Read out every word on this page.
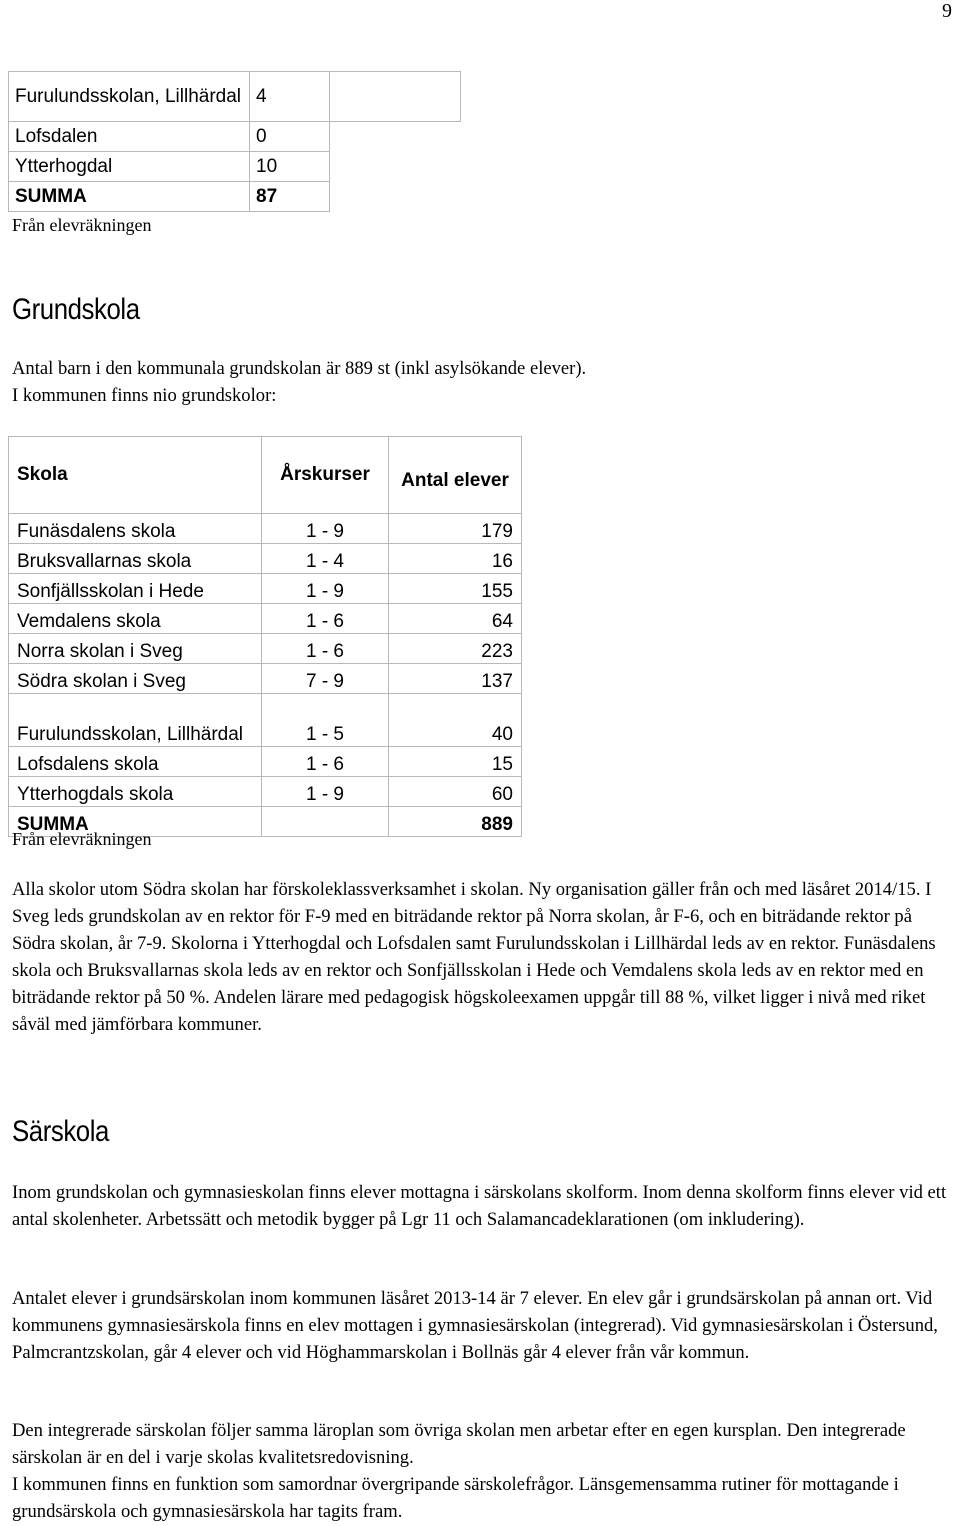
9
Furulundsskolan, Lillhärdal	4	
Lofsdalen	0	
Ytterhogdal	10	
SUMMA	87	
Från elevräkningen
Grundskola

Antal barn i den kommunala grundskolan är 889 st (inkl asylsökande elever).

I kommunen finns nio grundskolor:

Skola	Årskurser	Antal elever
Funäsdalens skola	1 - 9	179
Bruksvallarnas skola	1 - 4	16
Sonfjällsskolan i Hede	1 - 9	155
Vemdalens skola	1 - 6	64
Norra skolan i Sveg	1 - 6	223
Södra skolan i Sveg	7 - 9	137
Furulundsskolan, Lillhärdal	1 - 5	40
Lofsdalens skola	1 - 6	15
Ytterhogdals skola	1 - 9	60
SUMMA		889
Från elevräkningen

Alla skolor utom Södra skolan har förskoleklassverksamhet i skolan. Ny organisation gäller från och med läsåret 2014/15. I Sveg leds grundskolan av en rektor för F-9 med en biträdande rektor på Norra skolan, år F-6, och en biträdande rektor på Södra skolan, år 7-9. Skolorna i Ytterhogdal och Lofsdalen samt Furulundsskolan i Lillhärdal leds av en rektor. Funäsdalens skola och Bruksvallarnas skola leds av en rektor och Sonfjällsskolan i Hede och Vemdalens skola leds av en rektor med en biträdande rektor på 50 %. Andelen lärare med pedagogisk högskoleexamen uppgår till 88 %, vilket ligger i nivå med riket såväl med jämförbara kommuner.

Särskola

Inom grundskolan och gymnasieskolan finns elever mottagna i särskolans skolform. Inom denna skolform finns elever vid ett antal skolenheter. Arbetssätt och metodik bygger på Lgr 11 och Salamancadeklarationen (om inkludering).

Antalet elever i grundsärskolan inom kommunen läsåret 2013-14 är 7 elever. En elev går i grundsärskolan på annan ort. Vid kommunens gymnasiesärskola finns en elev mottagen i gymnasiesärskolan (integrerad). Vid gymnasiesärskolan i Östersund, Palmcrantzskolan, går 4 elever och vid Höghammarskolan i Bollnäs går 4 elever från vår kommun.

Den integrerade särskolan följer samma läroplan som övriga skolan men arbetar efter en egen kursplan. Den integrerade särskolan är en del i varje skolas kvalitetsredovisning.

I kommunen finns en funktion som samordnar övergripande särskolefrågor. Länsgemensamma rutiner för mottagande i grundsärskola och gymnasiesärskola har tagits fram.
